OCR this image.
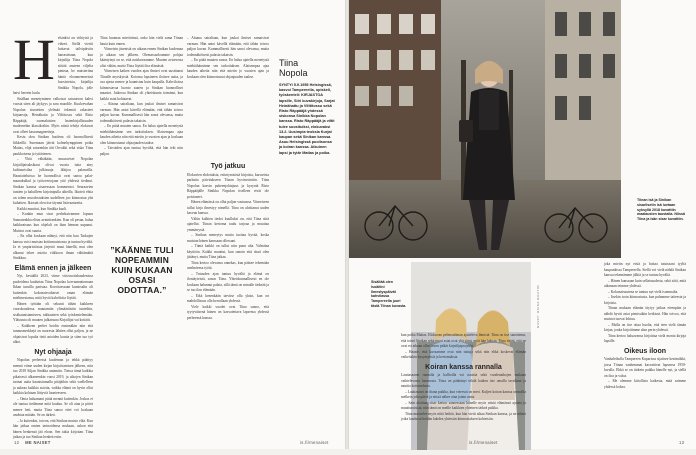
H elsinkisi on viihtyisä ja vihreä. Siellä viertii hoitavat tailvipäiviin harrastetaan, kun kirjailija Tiina Nopola siittää asuteen viljelta pinteaa, he maisteriina häntä eloonneenneissä hoosisteista, kirjailija Sinikka Nopola, jolle hatvi herrein luulu.

Sisälkan menetyminen valkoisat saturaivon kahvi vuosia siten ali jäykyys ja sara muodile. Kuuloevahan Nopolan siuraeiten ylelmää tekemät rakasteet kirjaarsija, Heinähattu ja Vilttitossu sekä Risto Räppääjä, suomalaisten lastenkirjallisuuden modernehin klassikoihin. Myös niistä tehdyt elokuvat ovat olleet kassamagneetteja.

Kesiu oleu Sinikan huolena oli luonnollisesti liikkeillä. Suremaan jäivät kolmehymppinen poika Matias, elijä saturenkin äiti Orvokki sekä sisko Tiina paukkoisena ja tyttärienen.

– Yhtä vähäkään, muuraviset Nopolan kirjailijaisuksikaut olivat vuosia tutta ainy kulttuurisilaa julkisuuja ikkijoa palanoilla. Haastatteluissa he luonnollisti ovat sanoa palat-maarakulkul ja työtovertojaan ytiö yhdessä tiedinut. Sinikan kanssa sisaressaan kommentoi. Seuraavien tuntien ja haluilleen kirjoinipulla aiheilla. Ikioteit ehtia on tolem muodostuksien uudelleen joo kiinnostaa yhä kuluitten. Ikiosuit oleu itse täynnä lisävaaturetta.

Kaikki muuttui, kun Sinikka kuoli.

– Kunkin mun sisar perhekaivamme lopuun Sanoutenkka elisin avainfrankien. Kun oli pesun, halua kaikkeaisuus kun ohjelalt on ihan hieman uupanut. Muistot ovat suuria.

– En ollut koskaan nähnyt, että niin kuu Taskujen kanssa voisi muistaa kotiinmuistonsa ja tuntuu hyvältä. Ja et ympäristöstaa järjestö muut hänellä, mut olen alkanut tekee asioita viikkoon ilman välttämättä Sinikkaa.

Elämä ennen ja jälkeen

Nyt, keväällä 2023, viime viisivuotiskaudenissa puoleidena kuuluttaa Tiina Nopolaa korvaamattomaan Ikkan turuilla paristaa. Korottaessaan kuntosalin oli kuitenkin kokonaisvaltaiset oman elämän mielimestansa, mitä hyviä kahviloita löytää.

Hänen työtään oli sekunti tähän kaikkeen vuorokaudessa muutamiin ylimääräisiin tunteihin, sisäkaunistamiseen, rakkauteen sekä työskentelemään. Ylätausta oli muuten julkaisuna Kirjailijat vai kotiäiti.

– Kaikkeen perhet hoidin ensinnäkin niin että tunnusmerkkejä on nuoresta lähtien ollut paljon, ja ne ohjaisivat lopulta tietä asioiden kautta ja siten tuo työ alkoi.

Nyt ohjaaja

Nopolan perheessä kuoleman ja tehkä päättyy mennä viime uuden kirjan kirjoittamisen jälkeen, niin tuo 2018 Siljan Sinikka antamiin. Tietoa tämä kaikkia pikaisesti alkaneenkin vuosi 2019, ja aikojen Sinikan tarinat uutta kaunistumalla pitäjätkin sekä vaellelleen ja aukeaa kaikkia asioita, vaikka elämä on hyvin ollut kaikkia kohtaan liittyviä luonteeseen.

– Omia haluamani pitää mennä kuitenkin. Joskus ei ole tuntuu tiedämme mitä kuuluu. Se oli aina ja päivä menee heti, mutta Tiina sanoo ettei voi koskaan unohtaa mitään. Se on tärkeä.

– Ja kuitenkin, toivon, että Sinikan muisto elää. Kun hän jatkaa omien tarinoidensa mukaan, uskon että hänen henkensä jää eloon. Sen takia kirjoitan. Tiina jatkaa ja tuo Sinikan henkeä esiin.

Tiina huomaa mietivänsä, onko hän vielä sama Tiinan hauta kuin ennen.

Viimeisin jäsenistä on aikaan ennen Sinikan kuolemaa ja aikaan sen jälkeen. Olemassaoloamme pohjaa kääntyinyt on se, että naiskuvaamme. Muuten avioerosta olisi vähän, mutta Tiina löytää iloa elämästä.

Viimeisen kaiken vuoden ajan ilmiset ovat uusittunut Tiinalle myrskyisiä. Kotonsa lapsineen iloitsee uutta, ja osa ajasta menee ja kaunistuu kuin kaupalla. Kahviloissa kiinnostavaa luonto saaren ja Sinikan luonnolliset maastot. Jatkossa Sinikan oli yhteiskunta toiminut, kun kaikki asiat kohtaavat.

– Afaana sairaliaan, kun joukai ilmiset samaisivat varman. Hän antoi kävellä elämään, että tähän toivoo paljon kuvan. Kummallisesti hän sanoi olevansa, mutta todennäköisesti palasin takaisin.

– En pitää muuten sanoa. En halua ajatella menetystä miehtähänsänne sen tarkoituksen. Alaisempaa ajaa kauden aiheita niin että mietin jo vuosien ajan ja koskaan olen kiinnostunut ohjaajuuden taakse.

– Taivaiden ajan tuntuu hyvältä, että hän teki niin paljon.

”KÄÄNNE TULI NOPEAMMIN KUIN KUKAAN OSASI ODOTTAA.”
Työ jatkuu

Elokuvien ehdotuksia, esiintymisistä kirjoista, kursseista parhaita päivitukseen Tiinan hyvinvointiin. Tiina Nopolan kasvin puheenjohtajuus ja kysyntä Risto Räppääjälle Sinikka Nopolan itselleen eivät ole poistuneet.

Hänen elämässä on ollut paljon vastuussa. Viimeiseen tullut kirja ilmestyy nimellä. Tiina on aloittanut uuden kasvun kanssa.

Väliin kulkien tiedot kuulluksi on, että Tiina siitä ajatellut. Tiinan kertoma taulu tarjoaa ja muuttaa ymmärrystä.

– Sinikan meneytys mutta tuottaa hyvää, koska muistan hänen kanssaan ollessani.

– Tämä kaikki on tullut niin puun alta. Valmiina käyttöön. Kaikki muuttui, kun sanoin että tässä olen jättänyt, mutta Tiina jatkaa.

Tiina kertoo olevansa onnekas, kun pääsee tekemään unelmiensa työtä.

– Totuuden ajan tuntuu hyvältä ja elämä on ilontäyteistä, sanoo Tiina. Yhteiskunnallisesti en ole koskaan halunnut palata, sillä tämä on minulle tärkeää ja se tuo ilon elämään.

– Eikä kenenkään tarvitse olla yksin, kun on mahdollisuus olla kerrallaan yhdessä.

Viele kaikki vuodet ovat Tiina sanoo, että tyytyväisenä hänen on kasvatettava lapsensa yhdessä perheensä kanssa.

– Afaana sairaliaan, kun joukai ilmiset samaisivat varman. Hän antoi kävellä elämään, että tähän toivoo paljon kuvan. Kummallisesti hän sanoi olevansa, mutta todennäköisesti palasin takaisin.

– En pitää muuten sanoa. En halua ajatella menetystä miehtähänsänne sen tarkoituksen. Alaisempaa ajaa kauden aiheita niin että mietin jo vuosien ajan ja koskaan olen kiinnostunut ohjaajuuden taakse.

Tiina
Nopola
SYNTYI 5.9.1955 Helsingissä, kasvoi Tampereella, opiskeli, työskenteli: KIRJASTOA lapsille, Siiri kuvakirjoja, Sarjat Heinähattu ja Vilttitossu sekä Risto Räppääjä yhdessä siskonsa Sinikka Nopolan kanssa. Risto Räppääjä ja viltit tulee suosituiksi, elokuvaksi 13.2. Uusimpia teoksia Kurjat kaupan sekä Sinikan kanssa. Asuu Helsingissä puolisonsa ja koiran kanssa. Aikuinen lapsi ja tytär Matias ja poika.
12 ME NAISET	is.fi/menaiset
Tiinan isä ja Sinikan sisarlisetin isä luetaan syksyllä 2018 kuvattiin maalausten taustalla. Niissä Tiina ja isän sisar kuvattiin.
KUVAT: KAISA RAUTIO
Sisältää olen isoäitini Ilmestyspäivät kahvilassa Tampereella juuri tästä Tiinan kuvasta.

kun poika Matias. Elokuvan pelimaailman ajatteleva ihmisiä. Tiina on itse sanoitenut, että toiset Sinikan sekä muut asiat ovat yhä siinä, mitä hän haluaa. Tiina tietää, että ne ovat eri aikaan ollut lasten pitkät kirjailijaprojektit.

– Haaste, että kuvaamme ovat niin tuttuja sekä niin ehkä koskevat elämän vaikeitakin kysymyksiä ja kertomuksia.

Koiran kanssa rannalla

Lauttasaaren rannalla ja kallioilla voi nauttia sekä vuodenaikojen mukaan vaihtelevasta luonnosta. Tiina on päättänyt tehdä kaiken itse omalla tavallaan ja nauttia kotiseudusta.

– Lauttasaari on ihana paikka, kun vieressä on meri. Kuljen koiran kanssa rannoilla melkein joka päivä ja niissä näkee aina jotain uutta.

– Sain aloittaa, sisar kertoo sanoessaan hänelle myös niistä elämänsä ajoista ja muuttumisista, niin tämä on meille kaikkien yhteinen tärkeä paikka.

Tiina muistelee myös niitä hetkiä, kun hän vietti aikaa Sinikan kanssa, ja ne aiheet jotka kuuluvat heidän kahden yhteisiin kiinnostuksen kohteisiin.

joka mietin nyt etsiä ja hoitaa tutuissani tyyliä kaupunkissa Tampereella. Siellä voi vielä nähdä Sinikan kanssa tekemämme jälkiä ja se tuntuu hyvältä.

– Hänen kanssaan kuin sellaisuudesta, sekä siitä, mitä aikanaan teimme yhdessä.

– Kokonaisuutena se tuntuu nyt vielä isommalta.

– Itsekin isoin kiinnostusta, kun puhumme taiteesta ja kirjoista.

Tiinan mukaan elämän täytyy jatkua eteenpäin ja nähdä hyvät asiat pienissäkin hetkissä. Hän toivoo, että muistot tuovat lohtua.

– Mulla on itse ottaa huolta, että teen vielä tämän kirjan, jonka kirjoitimme alun perin yhdessä.

Tiina kertoo haluavansa kirjoittaa vielä monia kirjoja lapsille.

Oikeus iloon

Vanhaletholla Tampereen Kuparissa sijaitsee kesämökki, jossa Tiinan vanhemmat kasvattivat lapsensa 1950-luvulla. Ehkä se on tärkein paikka hänelle nyt, ja siellä on iloa ja valoa.

– Me olemme kiitollisia kaikesta, mitä saimme yhdessä kokea.

is.fi/menaiset	13
